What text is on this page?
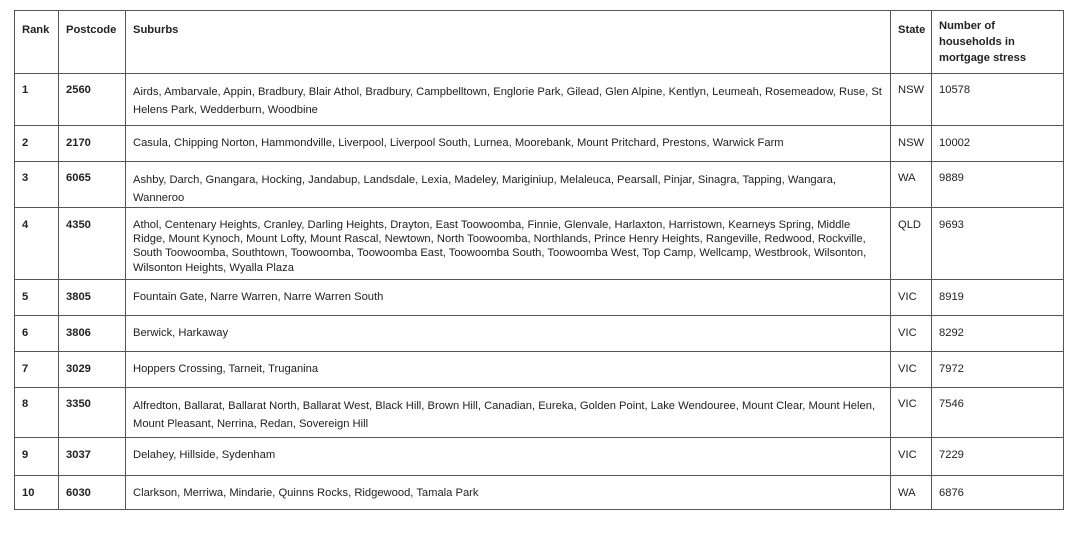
Rank	Postcode	Suburbs	State	Number of households in mortgage stress
1	2560	Airds, Ambarvale, Appin, Bradbury, Blair Athol, Bradbury, Campbelltown, Englorie Park, Gilead, Glen Alpine, Kentlyn, Leumeah, Rosemeadow, Ruse, St Helens Park, Wedderburn, Woodbine	NSW	10578
2	2170	Casula, Chipping Norton, Hammondville, Liverpool, Liverpool South, Lurnea, Moorebank, Mount Pritchard, Prestons, Warwick Farm	NSW	10002
3	6065	Ashby, Darch, Gnangara, Hocking, Jandabup, Landsdale, Lexia, Madeley, Mariginiup, Melaleuca, Pearsall, Pinjar, Sinagra, Tapping, Wangara, Wanneroo	WA	9889
4	4350	Athol, Centenary Heights, Cranley, Darling Heights, Drayton, East Toowoomba, Finnie, Glenvale, Harlaxton, Harristown, Kearneys Spring, Middle Ridge, Mount Kynoch, Mount Lofty, Mount Rascal, Newtown, North Toowoomba, Northlands, Prince Henry Heights, Rangeville, Redwood, Rockville, South Toowoomba, Southtown, Toowoomba, Toowoomba East, Toowoomba South, Toowoomba West, Top Camp, Wellcamp, Westbrook, Wilsonton, Wilsonton Heights, Wyalla Plaza	QLD	9693
5	3805	Fountain Gate, Narre Warren, Narre Warren South	VIC	8919
6	3806	Berwick, Harkaway	VIC	8292
7	3029	Hoppers Crossing, Tarneit, Truganina	VIC	7972
8	3350	Alfredton, Ballarat, Ballarat North, Ballarat West, Black Hill, Brown Hill, Canadian, Eureka, Golden Point, Lake Wendouree, Mount Clear, Mount Helen, Mount Pleasant, Nerrina, Redan, Sovereign Hill	VIC	7546
9	3037	Delahey, Hillside, Sydenham	VIC	7229
10	6030	Clarkson, Merriwa, Mindarie, Quinns Rocks, Ridgewood, Tamala Park	WA	6876
